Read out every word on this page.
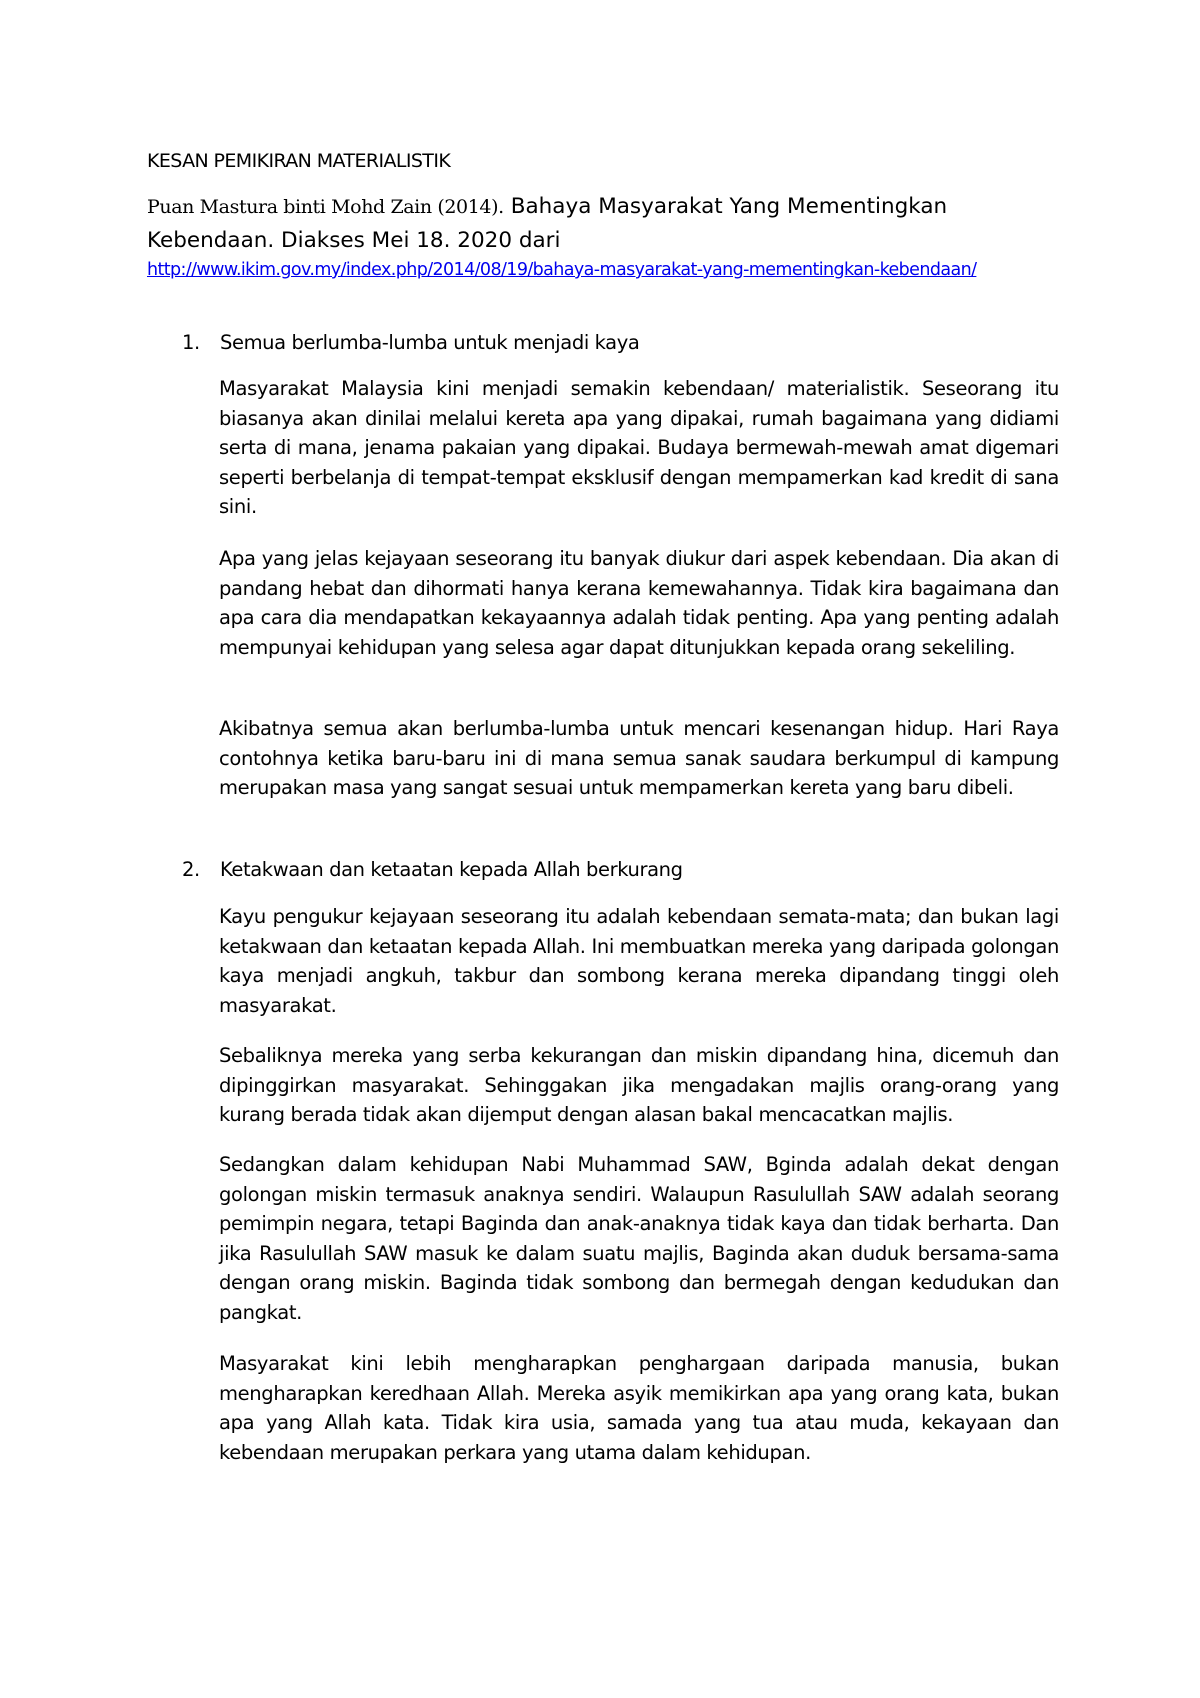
KESAN PEMIKIRAN MATERIALISTIK
Puan Mastura binti Mohd Zain (2014). Bahaya Masyarakat Yang Mementingkan Kebendaan. Diakses Mei 18. 2020 dari
http://www.ikim.gov.my/index.php/2014/08/19/bahaya-masyarakat-yang-mementingkan-kebendaan/
1. Semua berlumba-lumba untuk menjadi kaya
Masyarakat Malaysia kini menjadi semakin kebendaan/ materialistik. Seseorang itu biasanya akan dinilai melalui kereta apa yang dipakai, rumah bagaimana yang didiami serta di mana, jenama pakaian yang dipakai. Budaya bermewah-mewah amat digemari seperti berbelanja di tempat-tempat eksklusif dengan mempamerkan kad kredit di sana sini.
Apa yang jelas kejayaan seseorang itu banyak diukur dari aspek kebendaan. Dia akan di pandang hebat dan dihormati hanya kerana kemewahannya. Tidak kira bagaimana dan apa cara dia mendapatkan kekayaannya adalah tidak penting. Apa yang penting adalah mempunyai kehidupan yang selesa agar dapat ditunjukkan kepada orang sekeliling.
Akibatnya semua akan berlumba-lumba untuk mencari kesenangan hidup. Hari Raya contohnya ketika baru-baru ini di mana semua sanak saudara berkumpul di kampung merupakan masa yang sangat sesuai untuk mempamerkan kereta yang baru dibeli.
2. Ketakwaan dan ketaatan kepada Allah berkurang
Kayu pengukur kejayaan seseorang itu adalah kebendaan semata-mata; dan bukan lagi ketakwaan dan ketaatan kepada Allah. Ini membuatkan mereka yang daripada golongan kaya menjadi angkuh, takbur dan sombong kerana mereka dipandang tinggi oleh masyarakat.
Sebaliknya mereka yang serba kekurangan dan miskin dipandang hina, dicemuh dan dipinggirkan masyarakat. Sehinggakan jika mengadakan majlis orang-orang yang kurang berada tidak akan dijemput dengan alasan bakal mencacatkan majlis.
Sedangkan dalam kehidupan Nabi Muhammad SAW, Bginda adalah dekat dengan golongan miskin termasuk anaknya sendiri. Walaupun Rasulullah SAW adalah seorang pemimpin negara, tetapi Baginda dan anak-anaknya tidak kaya dan tidak berharta. Dan jika Rasulullah SAW masuk ke dalam suatu majlis, Baginda akan duduk bersama-sama dengan orang miskin. Baginda tidak sombong dan bermegah dengan kedudukan dan pangkat.
Masyarakat kini lebih mengharapkan penghargaan daripada manusia, bukan mengharapkan keredhaan Allah. Mereka asyik memikirkan apa yang orang kata, bukan apa yang Allah kata. Tidak kira usia, samada yang tua atau muda, kekayaan dan kebendaan merupakan perkara yang utama dalam kehidupan.
